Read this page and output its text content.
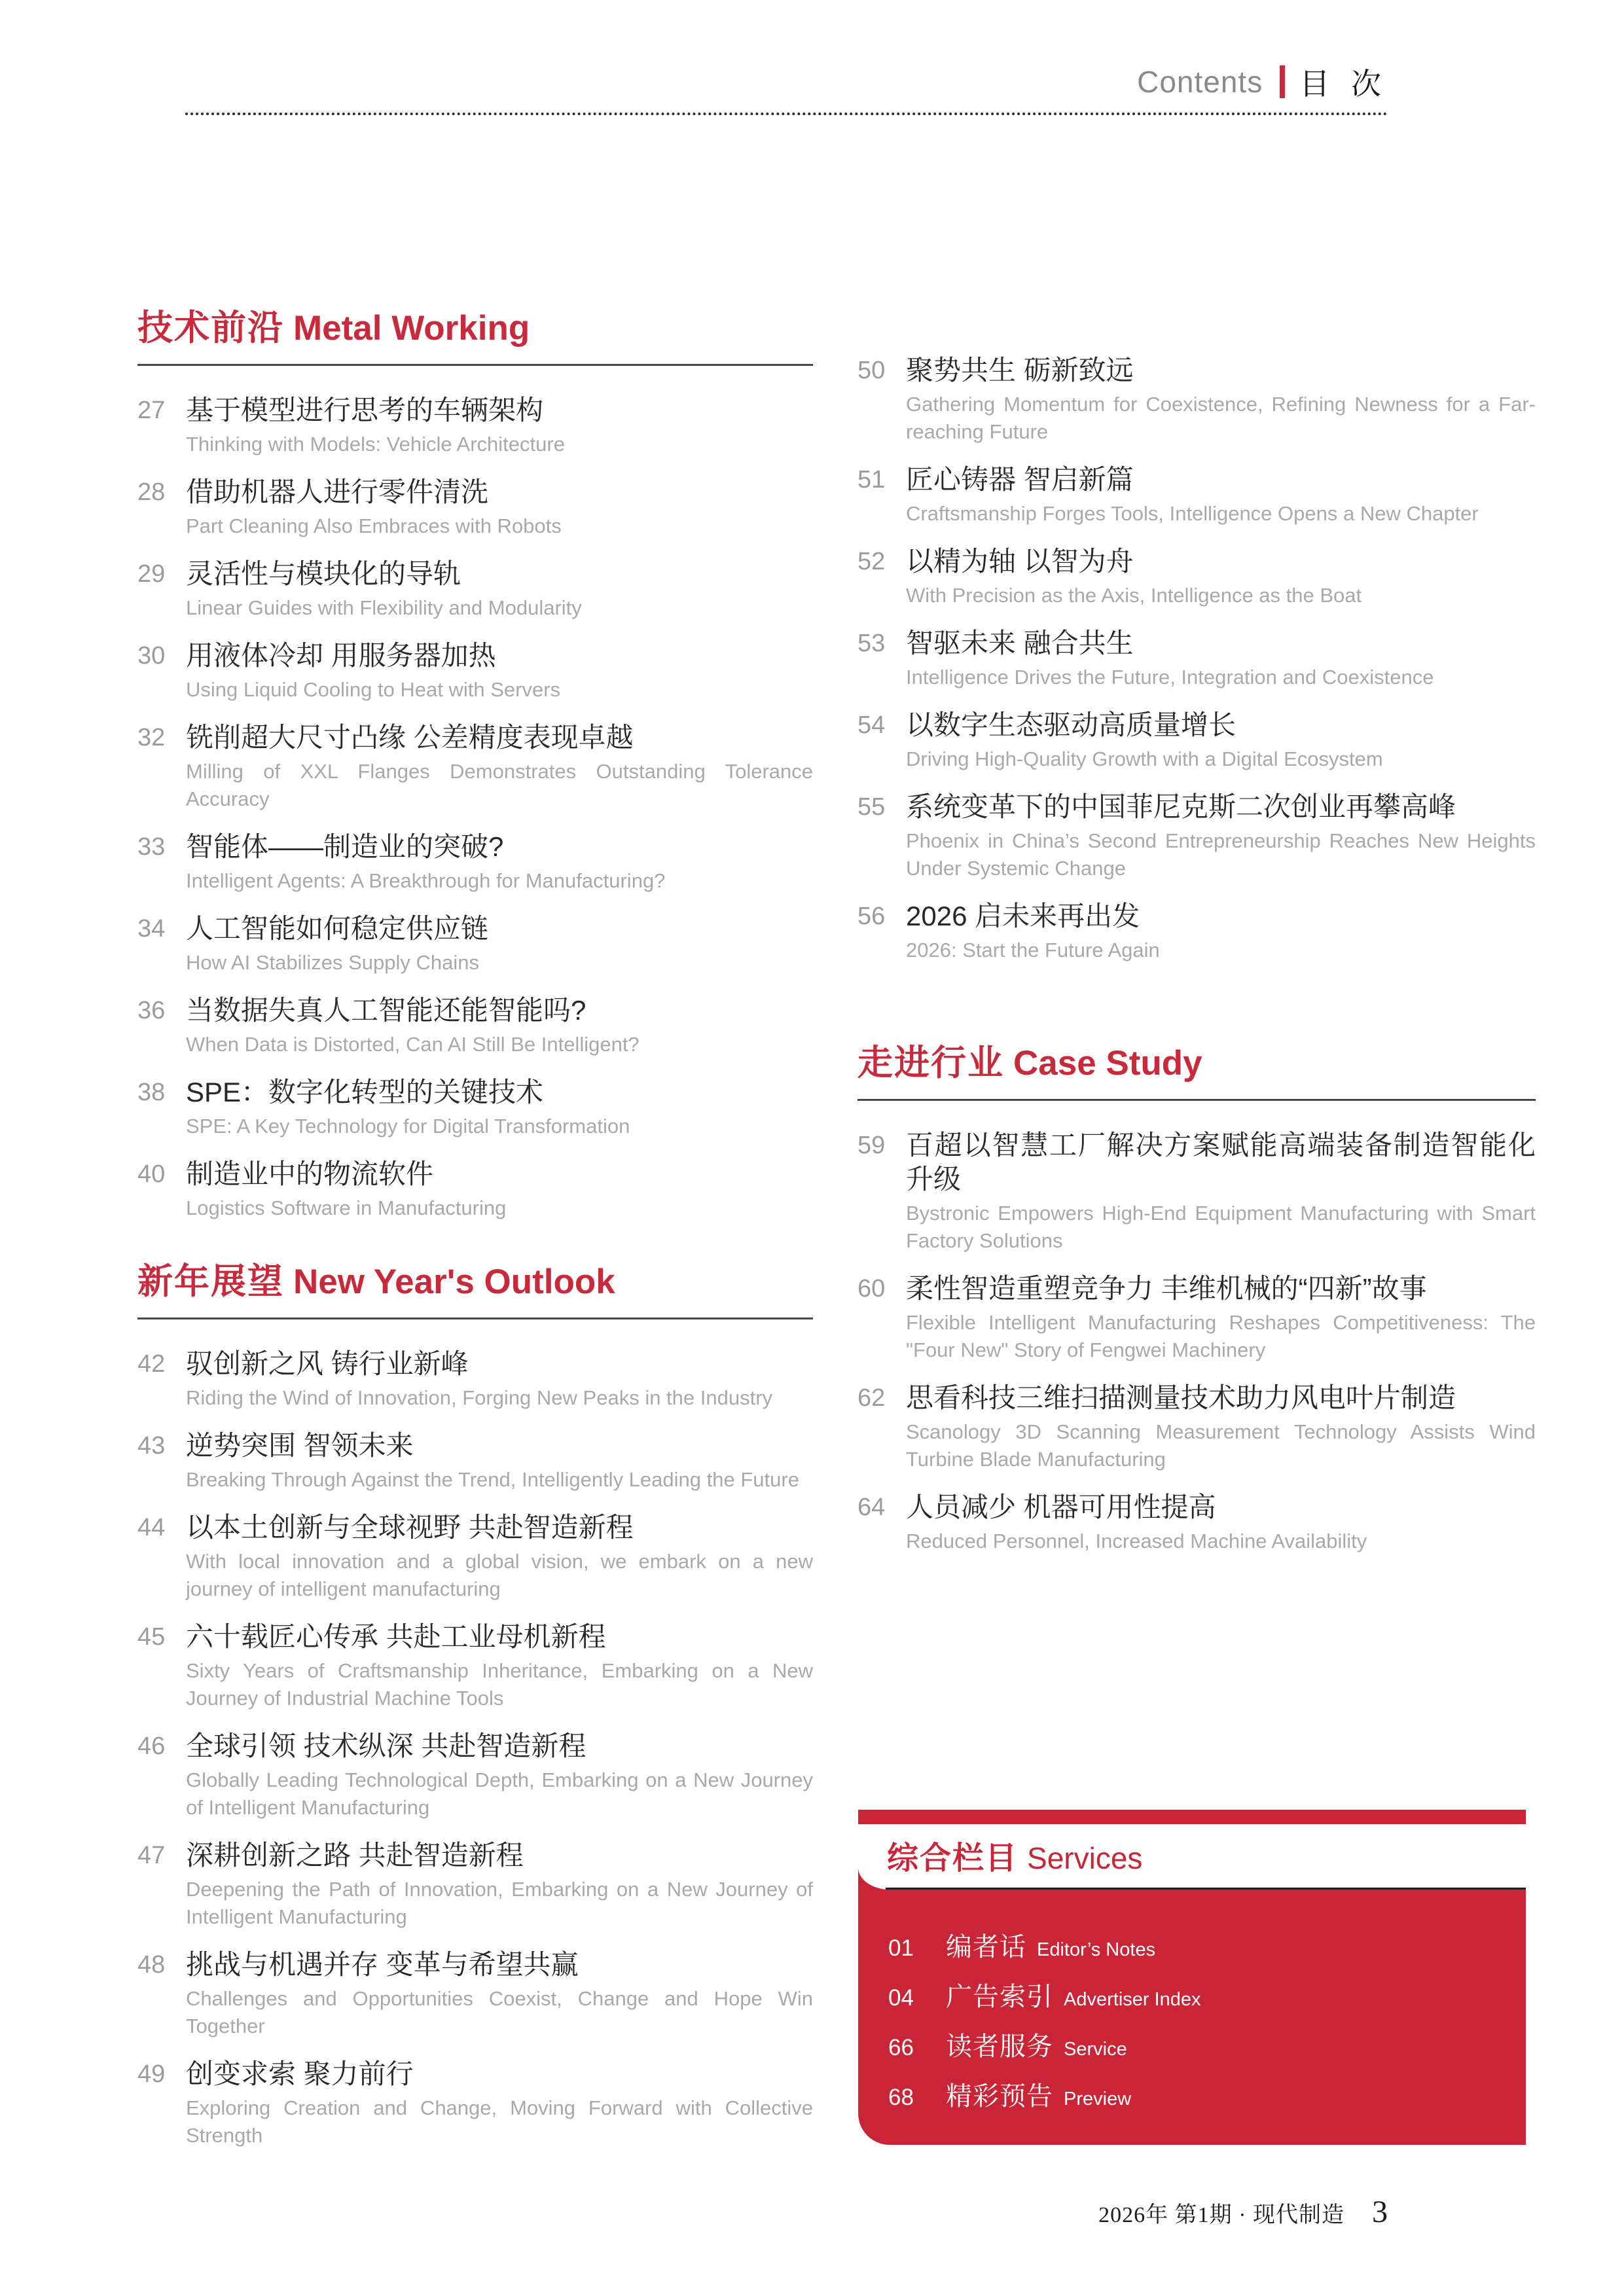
Contents 目 次
技术前沿 Metal Working
27 基于模型进行思考的车辆架构
Thinking with Models: Vehicle Architecture
28 借助机器人进行零件清洗
Part Cleaning Also Embraces with Robots
29 灵活性与模块化的导轨
Linear Guides with Flexibility and Modularity
30 用液体冷却 用服务器加热
Using Liquid Cooling to Heat with Servers
32 铣削超大尺寸凸缘 公差精度表现卓越
Milling of XXL Flanges Demonstrates Outstanding Tolerance Accuracy
33 智能体——制造业的突破?
Intelligent Agents: A Breakthrough for Manufacturing?
34 人工智能如何稳定供应链
How AI Stabilizes Supply Chains
36 当数据失真人工智能还能智能吗?
When Data is Distorted, Can AI Still Be Intelligent?
38 SPE：数字化转型的关键技术
SPE: A Key Technology for Digital Transformation
40 制造业中的物流软件
Logistics Software in Manufacturing
新年展望 New Year's Outlook
42 驭创新之风 铸行业新峰
Riding the Wind of Innovation, Forging New Peaks in the Industry
43 逆势突围 智领未来
Breaking Through Against the Trend, Intelligently Leading the Future
44 以本土创新与全球视野 共赴智造新程
With local innovation and a global vision, we embark on a new journey of intelligent manufacturing
45 六十载匠心传承 共赴工业母机新程
Sixty Years of Craftsmanship Inheritance, Embarking on a New Journey of Industrial Machine Tools
46 全球引领 技术纵深 共赴智造新程
Globally Leading Technological Depth, Embarking on a New Journey of Intelligent Manufacturing
47 深耕创新之路 共赴智造新程
Deepening the Path of Innovation, Embarking on a New Journey of Intelligent Manufacturing
48 挑战与机遇并存 变革与希望共赢
Challenges and Opportunities Coexist, Change and Hope Win Together
49 创变求索 聚力前行
Exploring Creation and Change, Moving Forward with Collective Strength
50 聚势共生 砺新致远
Gathering Momentum for Coexistence, Refining Newness for a Far-reaching Future
51 匠心铸器 智启新篇
Craftsmanship Forges Tools, Intelligence Opens a New Chapter
52 以精为轴 以智为舟
With Precision as the Axis, Intelligence as the Boat
53 智驱未来 融合共生
Intelligence Drives the Future, Integration and Coexistence
54 以数字生态驱动高质量增长
Driving High-Quality Growth with a Digital Ecosystem
55 系统变革下的中国菲尼克斯二次创业再攀高峰
Phoenix in China’s Second Entrepreneurship Reaches New Heights Under Systemic Change
56 2026 启未来再出发
2026: Start the Future Again
走进行业 Case Study
59 百超以智慧工厂解决方案赋能高端装备制造智能化升级
Bystronic Empowers High-End Equipment Manufacturing with Smart Factory Solutions
60 柔性智造重塑竞争力 丰维机械的“四新”故事
Flexible Intelligent Manufacturing Reshapes Competitiveness: The "Four New" Story of Fengwei Machinery
62 思看科技三维扫描测量技术助力风电叶片制造
Scanology 3D Scanning Measurement Technology Assists Wind Turbine Blade Manufacturing
64 人员减少 机器可用性提高
Reduced Personnel, Increased Machine Availability
综合栏目 Services
01	编者话 Editor’s Notes
04	广告索引 Advertiser Index
66	读者服务 Service
68	精彩预告 Preview
2026年 第1期 · 现代制造 3
